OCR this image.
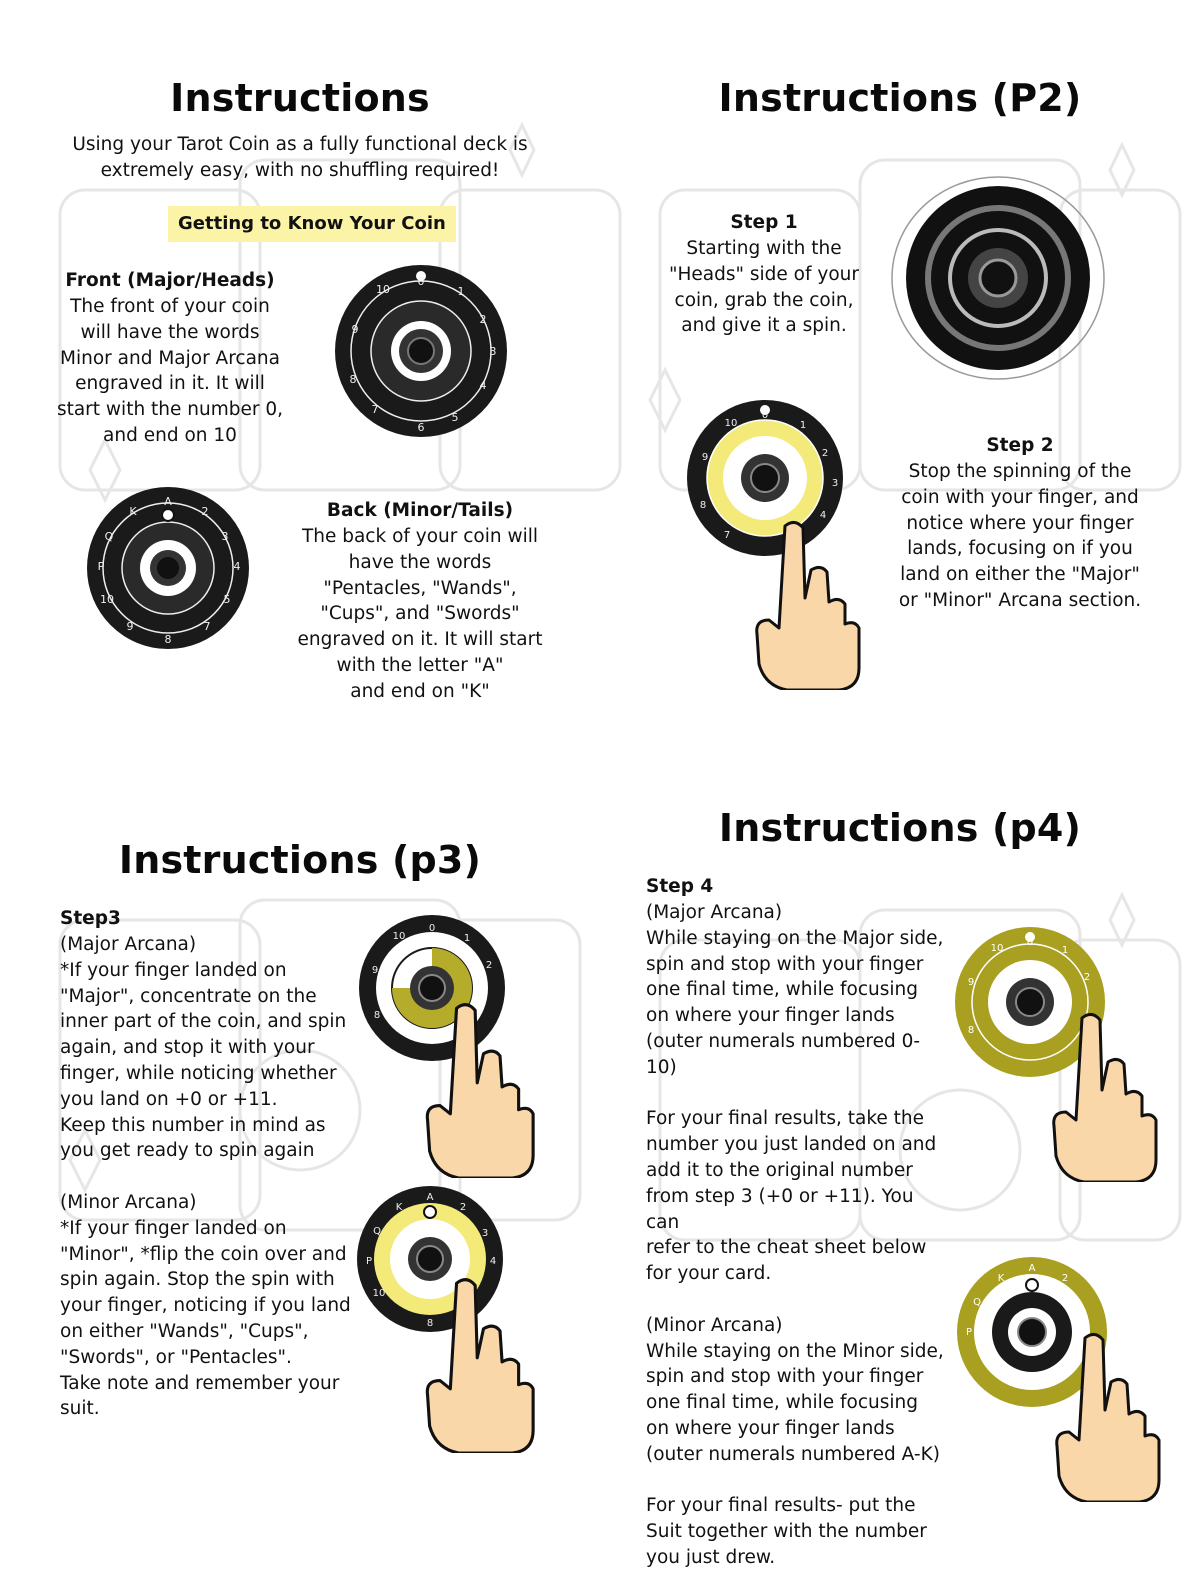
Instructions
Using your Tarot Coin as a fully functional deck is
extremely easy, with no shuffling required!
Getting to Know Your Coin
Front (Major/Heads)
The front of your coin
will have the words
Minor and Major Arcana
engraved in it. It will
start with the number 0,
and end on 10
Back (Minor/Tails)
The back of your coin will
have the words
"Pentacles, "Wands",
"Cups", and "Swords"
engraved on it. It will start
with the letter "A"
and end on "K"
0
1
2
3
4
5
6
7
8
9
10
A
2
3
4
5
7
8
9
10
P
Q
K
Instructions (P2)
Step 1
Starting with the
"Heads" side of your
coin, grab the coin,
and give it a spin.
Step 2
Stop the spinning of the
coin with your finger, and
notice where your finger
lands, focusing on if you
land on either the "Major"
or "Minor" Arcana section.
0
1
2
3
4
7
8
9
10
Instructions (p3)
Step3
(Major Arcana)
*If your finger landed on
"Major", concentrate on the
inner part of the coin, and spin
again, and stop it with your
finger, while noticing whether
you land on +0 or +11.
Keep this number in mind as
you get ready to spin again
(Minor Arcana)
*If your finger landed on
"Minor", *flip the coin over and
spin again. Stop the spin with
your finger, noticing if you land
on either "Wands", "Cups",
"Swords", or "Pentacles".
Take note and remember your
suit.
0
1
2
8
9
10
A
2
3
4
P
Q
K
10
8
Instructions (p4)
Step 4
(Major Arcana)
While staying on the Major side,
spin and stop with your finger
one final time, while focusing
on where your finger lands
(outer numerals numbered 0-
10)

For your final results, take the
number you just landed on and
add it to the original number
from step 3 (+0 or +11). You can
refer to the cheat sheet below
for your card.

(Minor Arcana)
While staying on the Minor side,
spin and stop with your finger
one final time, while focusing
on where your finger lands
(outer numerals numbered A-K)

For your final results- put the
Suit together with the number
you just drew.
0
1
2
8
9
10
A
2
P
Q
K
